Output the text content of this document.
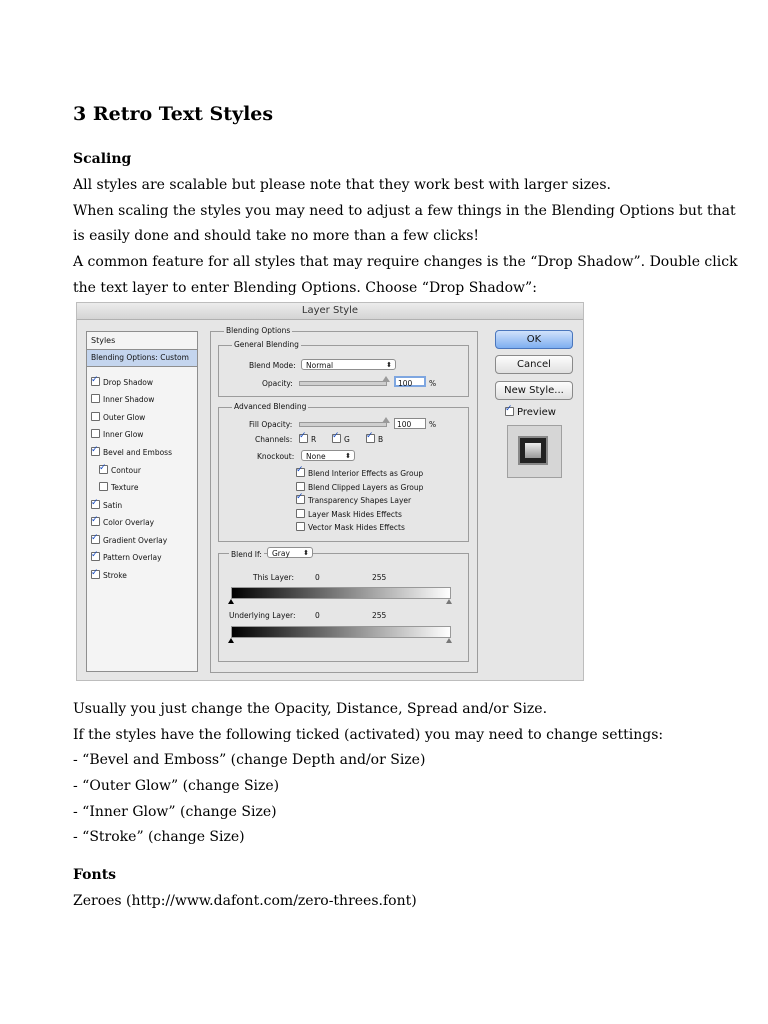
3 Retro Text Styles
Scaling

All styles are scalable but please note that they work best with larger sizes.

When scaling the styles you may need to adjust a few things in the Blending Options but that

is easily done and should take no more than a few clicks!

A common feature for all styles that may require changes is the “Drop Shadow”. Double click

the text layer to enter Blending Options. Choose “Drop Shadow”:

Layer Style
Styles
Blending Options: Custom
✓Drop Shadow
Inner Shadow
Outer Glow
Inner Glow
✓Bevel and Emboss
✓Contour
Texture
✓Satin
✓Color Overlay
✓Gradient Overlay
✓Pattern Overlay
✓Stroke
Blending Options
General Blending
Blend Mode:	Normal	⬍
Opacity:	100	%
Advanced Blending
Fill Opacity:	100	%
Channels: ✓	R ✓	G ✓	B
Knockout:	None	⬍
✓Blend Interior Effects as Group
Blend Clipped Layers as Group
✓Transparency Shapes Layer
Layer Mask Hides Effects
Vector Mask Hides Effects
Blend If:	Gray ⬍
This Layer:	0	255
Underlying Layer:	0	255
OK
Cancel
New Style...
✓Preview

Usually you just change the Opacity, Distance, Spread and/or Size.

If the styles have the following ticked (activated) you may need to change settings:

- “Bevel and Emboss” (change Depth and/or Size)

- “Outer Glow” (change Size)

- “Inner Glow” (change Size)

- “Stroke” (change Size)

Fonts

Zeroes (http://www.dafont.com/zero-threes.font)
